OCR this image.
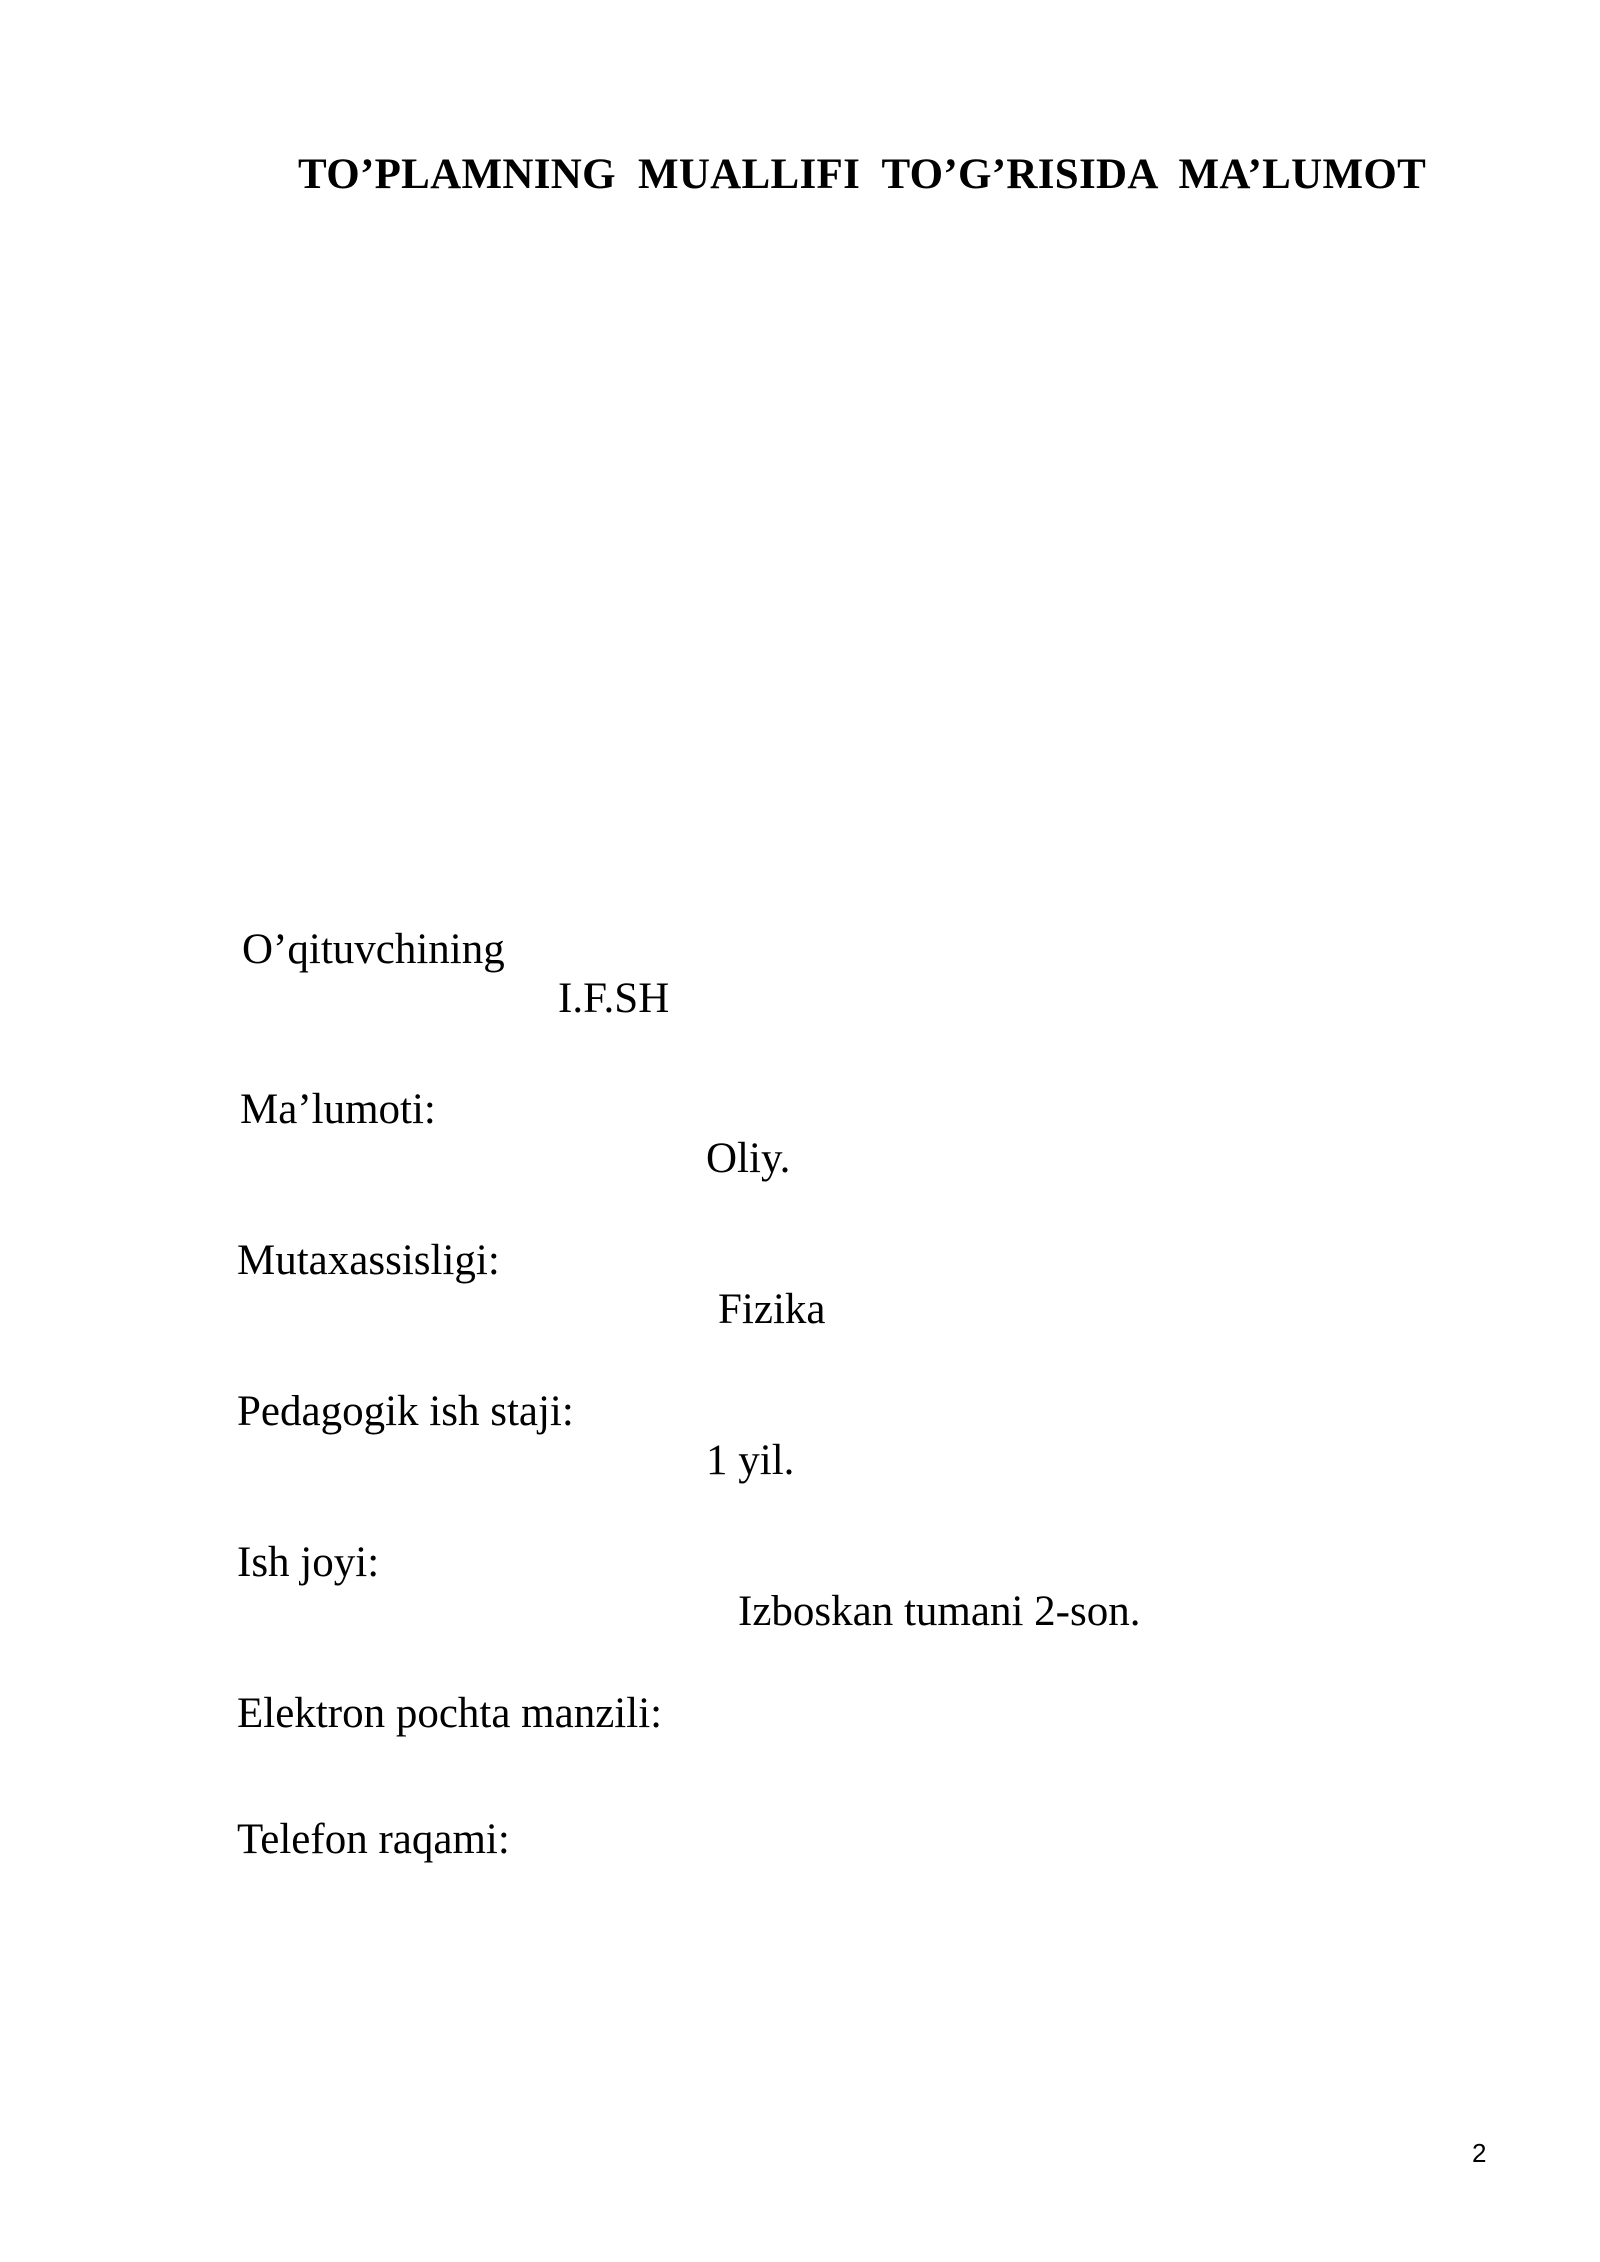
TO’PLAMNING  MUALLIFI  TO’G’RISIDA  MA’LUMOT

O’qituvchining

I.F.SH

Ma’lumoti:

Oliy.

Mutaxassisligi:

Fizika

Pedagogik ish staji:

1 yil.

Ish joyi:

Izboskan tumani 2-son.

Elektron pochta manzili:

Telefon raqami:

2
